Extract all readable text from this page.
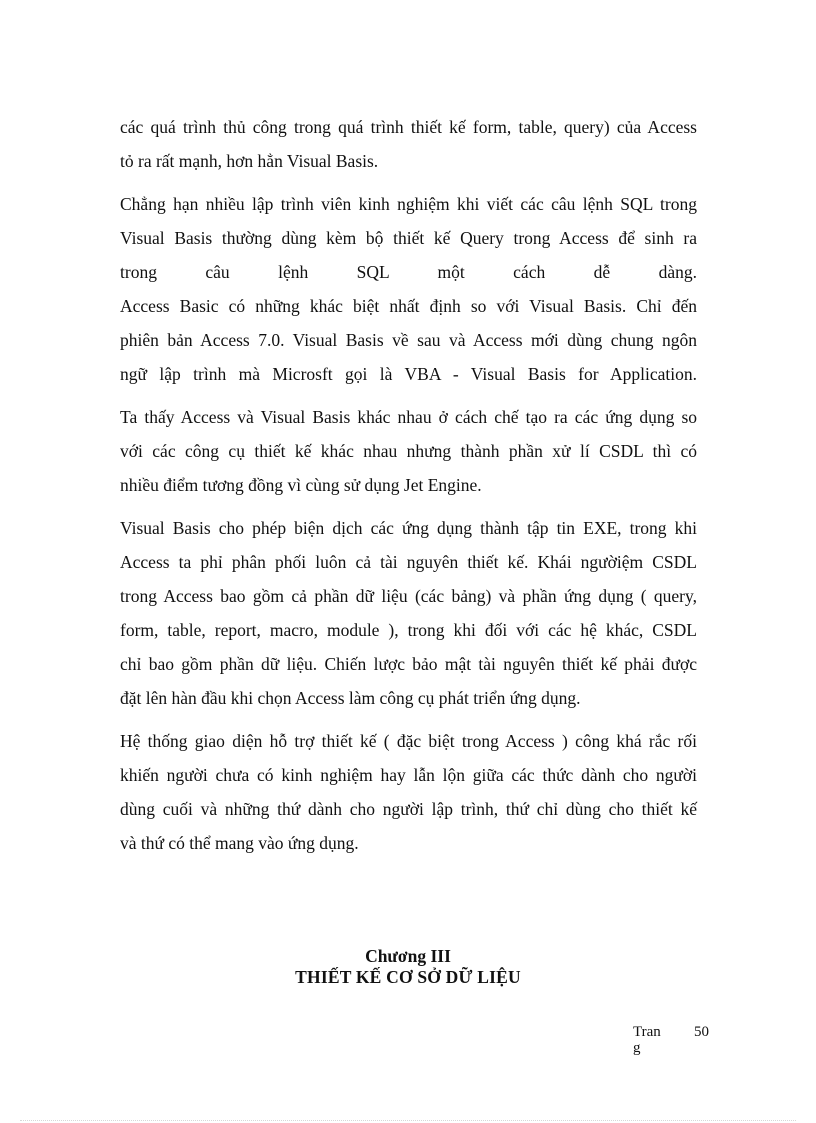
các quá trình thủ công trong quá trình thiết kế form, table, query) của Access
tỏ ra rất mạnh, hơn hẳn Visual Basis.

Chẳng hạn nhiều lập trình viên kinh nghiệm khi viết các câu lệnh SQL trong
Visual Basis thường dùng kèm bộ thiết kế Query trong Access để sinh ra
trong câu lệnh SQL một cách dễ dàng.
Access Basic có những khác biệt nhất định so với Visual Basis. Chỉ đến
phiên bản Access 7.0. Visual Basis về sau và Access mới dùng chung ngôn
ngữ lập trình mà Microsft gọi là VBA - Visual Basis for Application.

Ta thấy Access và Visual Basis khác nhau ở cách chế tạo ra các ứng dụng so
với các công cụ thiết kế khác nhau nhưng thành phần xử lí CSDL thì có
nhiều điểm tương đồng vì cùng sử dụng Jet Engine.

Visual Basis cho phép biện dịch các ứng dụng thành tập tin EXE, trong khi
Access ta phỉ phân phối luôn cả tài nguyên thiết kế. Khái ngườiệm CSDL
trong Access bao gồm cả phần dữ liệu (các bảng) và phần ứng dụng ( query,
form, table, report, macro, module ), trong khi đối với các hệ khác, CSDL
chỉ bao gồm phần dữ liệu. Chiến lược bảo mật tài nguyên thiết kế phải được
đặt lên hàn đầu khi chọn Access làm công cụ phát triển ứng dụng.

Hệ thống giao diện hỗ trợ thiết kế ( đặc biệt trong Access ) công khá rắc rối
khiến người chưa có kinh nghiệm hay lẫn lộn giữa các thức dành cho người
dùng cuối và những thứ dành cho người lập trình, thứ chỉ dùng cho thiết kế
và thứ có thể mang vào ứng dụng.

Chương III
THIẾT KẾ CƠ SỞ DỮ LIỆU
Trang
50
